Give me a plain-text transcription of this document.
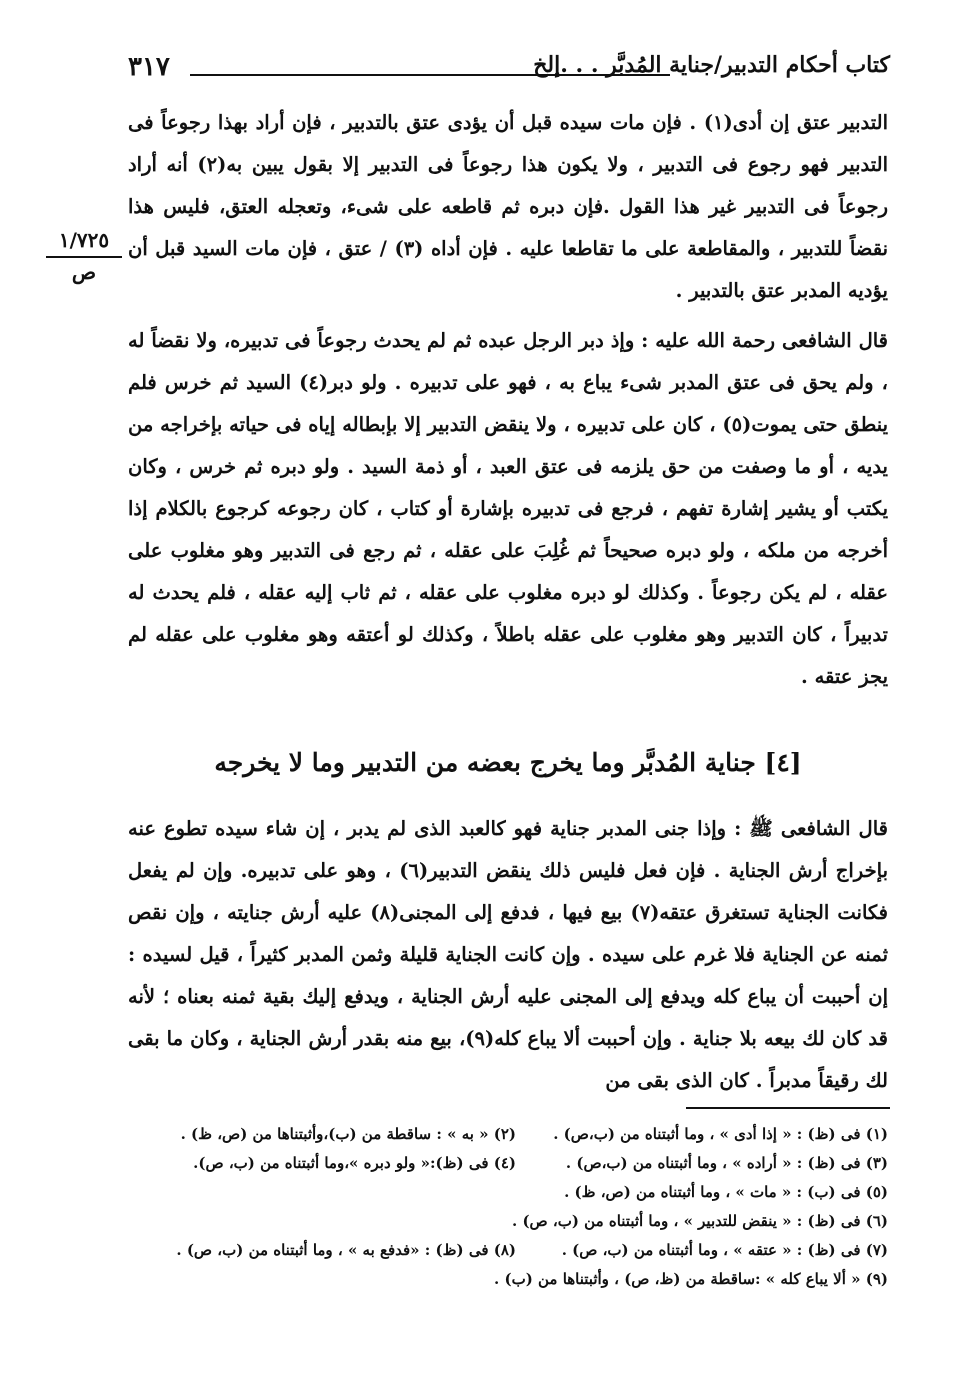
٣١٧	كتاب أحكام التدبير/جناية المُدبَّر . . .إلخ
١/٧٢٥
ص

التدبير عتق إن أدى(١) . فإن مات سيده قبل أن يؤدى عتق بالتدبير ، فإن أراد بهذا رجوعاً فى التدبير فهو رجوع فى التدبير ، ولا يكون هذا رجوعاً فى التدبير إلا بقول يبين به(٢) أنه أراد رجوعاً فى التدبير غير هذا القول .فإن دبره ثم قاطعه على شىء، وتعجله العتق، فليس هذا نقضاً للتدبير ، والمقاطعة على ما تقاطعا عليه . فإن أداه (٣) / عتق ، فإن مات السيد قبل أن يؤديه المدبر عتق بالتدبير .

قال الشافعى رحمة الله عليه : وإذ دبر الرجل عبده ثم لم يحدث رجوعاً فى تدبيره، ولا نقضاً له ، ولم يحق فى عتق المدبر شىء يباع به ، فهو على تدبيره . ولو دبر(٤) السيد ثم خرس فلم ينطق حتى يموت(٥) ، كان على تدبيره ، ولا ينقض التدبير إلا بإبطاله إياه فى حياته بإخراجه من يديه ، أو ما وصفت من حق يلزمه فى عتق العبد ، أو ذمة السيد . ولو دبره ثم خرس ، وكان يكتب أو يشير إشارة تفهم ، فرجع فى تدبيره بإشارة أو كتاب ، كان رجوعه كرجوع بالكلام إذا أخرجه من ملكه ، ولو دبره صحيحاً ثم غُلِبَ على عقله ، ثم رجع فى التدبير وهو مغلوب على عقله ، لم يكن رجوعاً . وكذلك لو دبره مغلوب على عقله ، ثم ثاب إليه عقله ، فلم يحدث له تدبيراً ، كان التدبير وهو مغلوب على عقله باطلاً ، وكذلك لو أعتقه وهو مغلوب على عقله لم يجز عتقه .

[٤] جناية المُدبَّر وما يخرج بعضه من التدبير وما لا يخرجه

قال الشافعى ﷺ : وإذا جنى المدبر جناية فهو كالعبد الذى لم يدبر ، إن شاء سيده تطوع عنه بإخراج أرش الجناية . فإن فعل فليس ذلك ينقض التدبير(٦) ، وهو على تدبيره. وإن لم يفعل فكانت الجناية تستغرق عتقه(٧) بيع فيها ، فدفع إلى المجنى(٨) عليه أرش جنايته ، وإن نقص ثمنه عن الجناية فلا غرم على سيده . وإن كانت الجناية قليلة وثمن المدبر كثيراً ، قيل لسيده : إن أحببت أن يباع كله ويدفع إلى المجنى عليه أرش الجناية ، ويدفع إليك بقية ثمنه بعناه ؛ لأنه قد كان لك بيعه بلا جناية . وإن أحببت ألا يباع كله(٩)، بيع منه بقدر أرش الجناية ، وكان ما بقى لك رقيقاً مدبراً . كان الذى بقى من

(١) فى (ظ) : « إذا أدى » ، وما أثبتناه من (ب،ص) .
(٢) « به » : ساقطة من (ب)،وأثبتناها من (ص، ظ) .
(٣) فى (ظ) : « أراده » ، وما أثبتناه من (ب،ص) .
(٤) فى (ظ):« ولو دبره »،وما أثبتناه من (ب، ص).
(٥) فى (ب) : « مات » ، وما أثبتناه من (ص، ظ) .
(٦) فى (ظ) : « ينقض للتدبير » ، وما أثبتناه من (ب، ص) .
(٧) فى (ظ) : « عتقه » ، وما أثبتناه من (ب، ص) .
(٨) فى (ظ) : «فدفع به » ، وما أثبتناه من (ب، ص) .
(٩) « ألا يباع كله » :ساقطة من (ظ، ص) ، وأثبتناها من (ب) .
